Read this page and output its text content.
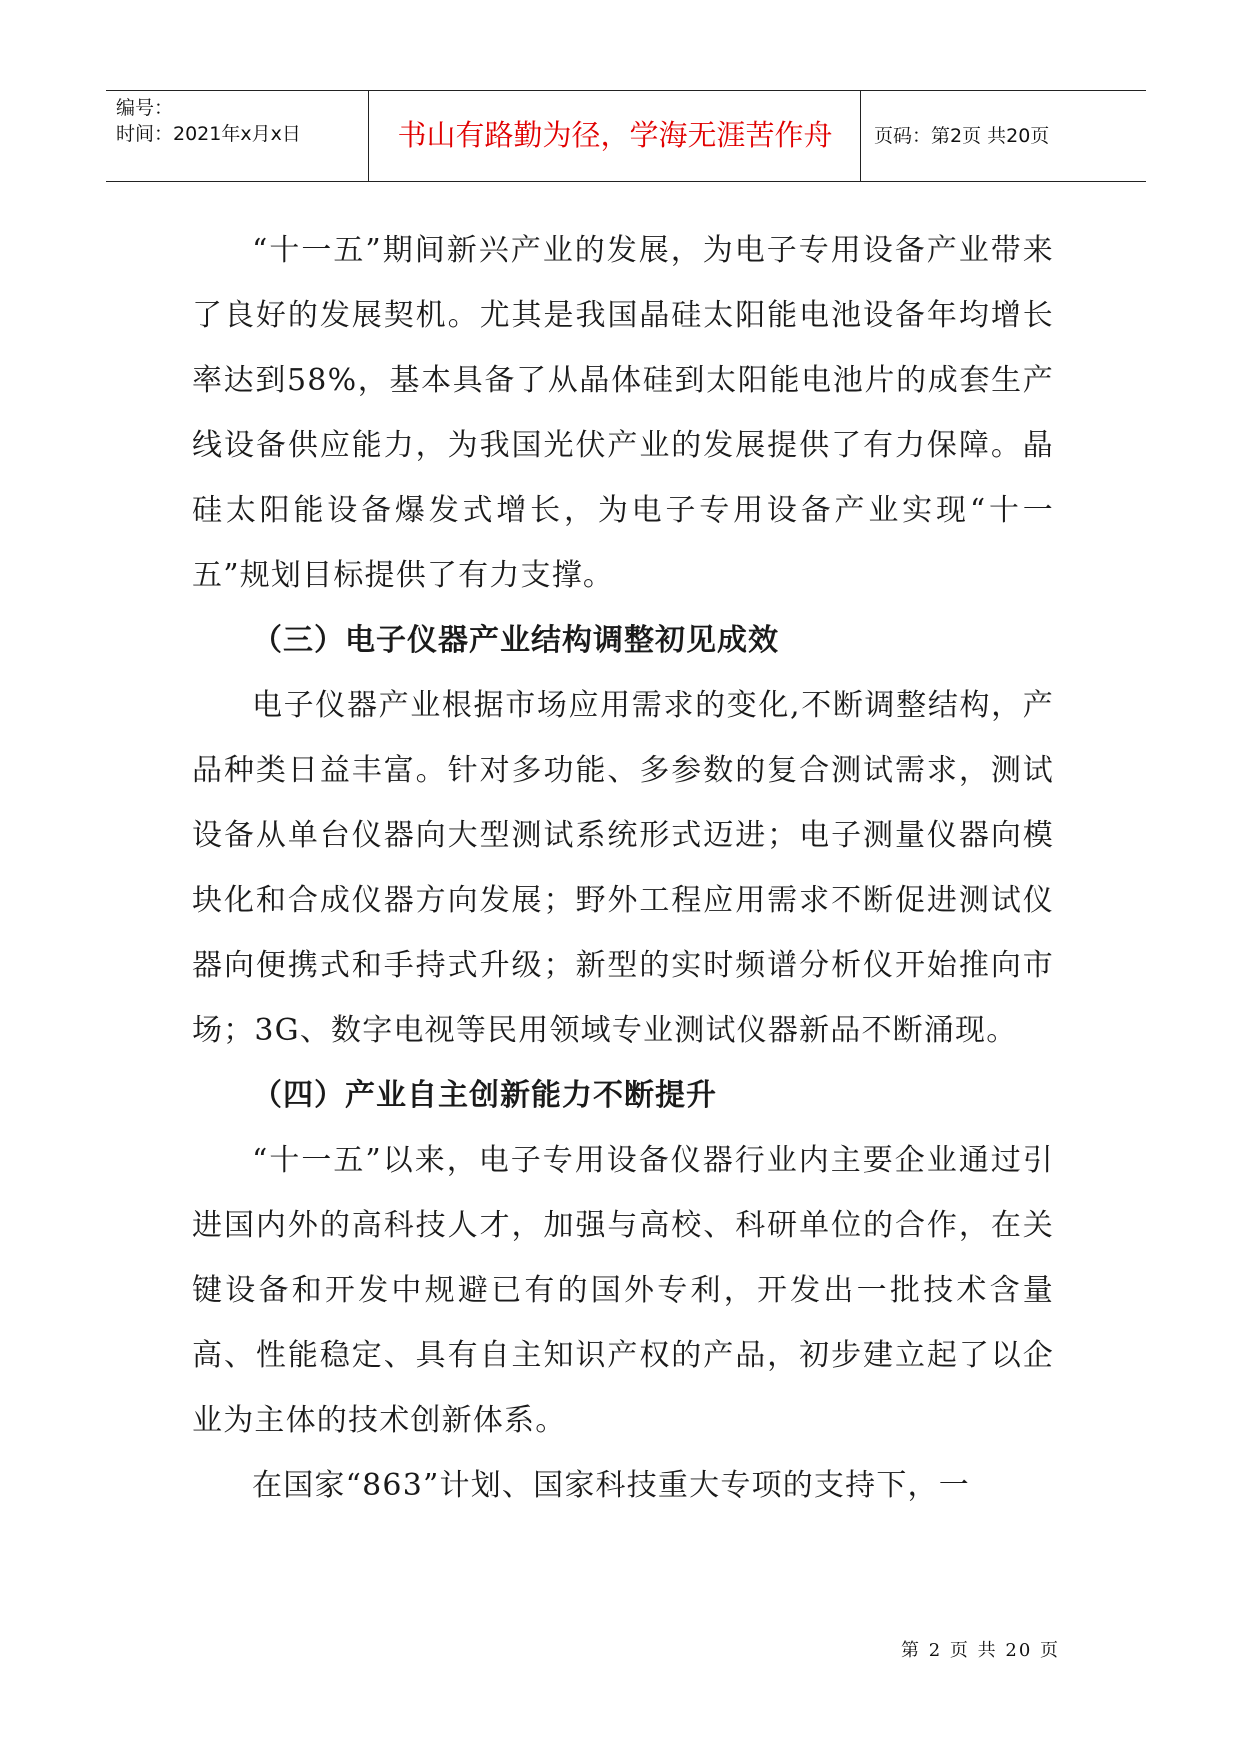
编号：
时间：2021年x月x日	书山有路勤为径，学海无涯苦作舟	页码：第2页 共20页

“十一五”期间新兴产业的发展，为电子专用设备产业带来了良好的发展契机。尤其是我国晶硅太阳能电池设备年均增长率达到58%，基本具备了从晶体硅到太阳能电池片的成套生产线设备供应能力，为我国光伏产业的发展提供了有力保障。晶硅太阳能设备爆发式增长，为电子专用设备产业实现“十一五”规划目标提供了有力支撑。

（三）电子仪器产业结构调整初见成效

电子仪器产业根据市场应用需求的变化,不断调整结构，产品种类日益丰富。针对多功能、多参数的复合测试需求，测试设备从单台仪器向大型测试系统形式迈进；电子测量仪器向模块化和合成仪器方向发展；野外工程应用需求不断促进测试仪器向便携式和手持式升级；新型的实时频谱分析仪开始推向市场；3G、数字电视等民用领域专业测试仪器新品不断涌现。

（四）产业自主创新能力不断提升

“十一五”以来，电子专用设备仪器行业内主要企业通过引进国内外的高科技人才，加强与高校、科研单位的合作，在关键设备和开发中规避已有的国外专利，开发出一批技术含量高、性能稳定、具有自主知识产权的产品，初步建立起了以企业为主体的技术创新体系。

在国家“863”计划、国家科技重大专项的支持下，一

第 2 页 共 20 页
